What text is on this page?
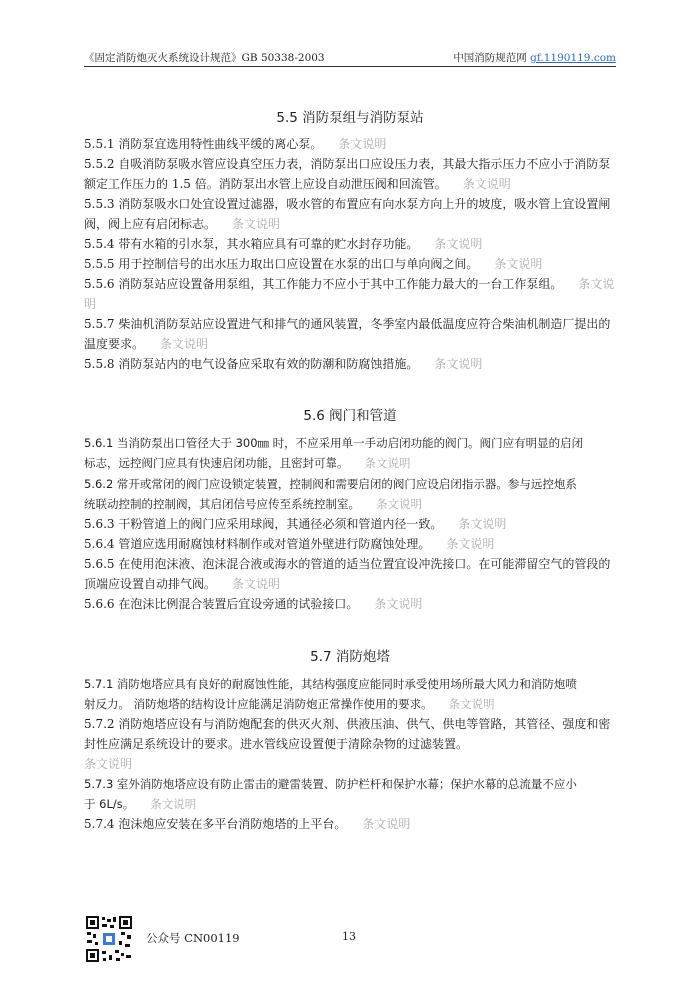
《固定消防炮灭火系统设计规范》GB 50338-2003	中国消防规范网 gf.1190119.com
5.5 消防泵组与消防泵站
5.5.1 消防泵宜选用特性曲线平缓的离心泵。 条文说明
5.5.2 自吸消防泵吸水管应设真空压力表，消防泵出口应设压力表，其最大指示压力不应小于消防泵
额定工作压力的 1.5 倍。消防泵出水管上应设自动泄压阀和回流管。 条文说明
5.5.3 消防泵吸水口处宜设置过滤器，吸水管的布置应有向水泵方向上升的坡度，吸水管上宜设置闸
阀，阀上应有启闭标志。 条文说明
5.5.4 带有水箱的引水泵，其水箱应具有可靠的贮水封存功能。 条文说明
5.5.5 用于控制信号的出水压力取出口应设置在水泵的出口与单向阀之间。 条文说明
5.5.6 消防泵站应设置备用泵组，其工作能力不应小于其中工作能力最大的一台工作泵组。 条文说
明
5.5.7 柴油机消防泵站应设置进气和排气的通风装置，冬季室内最低温度应符合柴油机制造厂提出的
温度要求。 条文说明
5.5.8 消防泵站内的电气设备应采取有效的防潮和防腐蚀措施。 条文说明
5.6 阀门和管道
5.6.1 当消防泵出口管径大于 300㎜ 时，不应采用单一手动启闭功能的阀门。阀门应有明显的启闭
标志，远控阀门应具有快速启闭功能，且密封可靠。 条文说明
5.6.2 常开或常闭的阀门应设锁定装置，控制阀和需要启闭的阀门应设启闭指示器。参与远控炮系
统联动控制的控制阀，其启闭信号应传至系统控制室。 条文说明
5.6.3 干粉管道上的阀门应采用球阀，其通径必须和管道内径一致。 条文说明
5.6.4 管道应选用耐腐蚀材料制作或对管道外壁进行防腐蚀处理。 条文说明
5.6.5 在使用泡沫液、泡沫混合液或海水的管道的适当位置宜设冲洗接口。在可能滞留空气的管段的
顶端应设置自动排气阀。 条文说明
5.6.6 在泡沫比例混合装置后宜设旁通的试验接口。 条文说明
5.7 消防炮塔
5.7.1 消防炮塔应具有良好的耐腐蚀性能，其结构强度应能同时承受使用场所最大风力和消防炮喷
射反力。 消防炮塔的结构设计应能满足消防炮正常操作使用的要求。 条文说明
5.7.2 消防炮塔应设有与消防炮配套的供灭火剂、供液压油、供气、供电等管路，其管径、强度和密
封性应满足系统设计的要求。进水管线应设置便于清除杂物的过滤装置。
条文说明
5.7.3 室外消防炮塔应设有防止雷击的避雷装置、防护栏杆和保护水幕；保护水幕的总流量不应小
于 6L/s。 条文说明
5.7.4 泡沫炮应安装在多平台消防炮塔的上平台。 条文说明
公众号 CN00119	13
